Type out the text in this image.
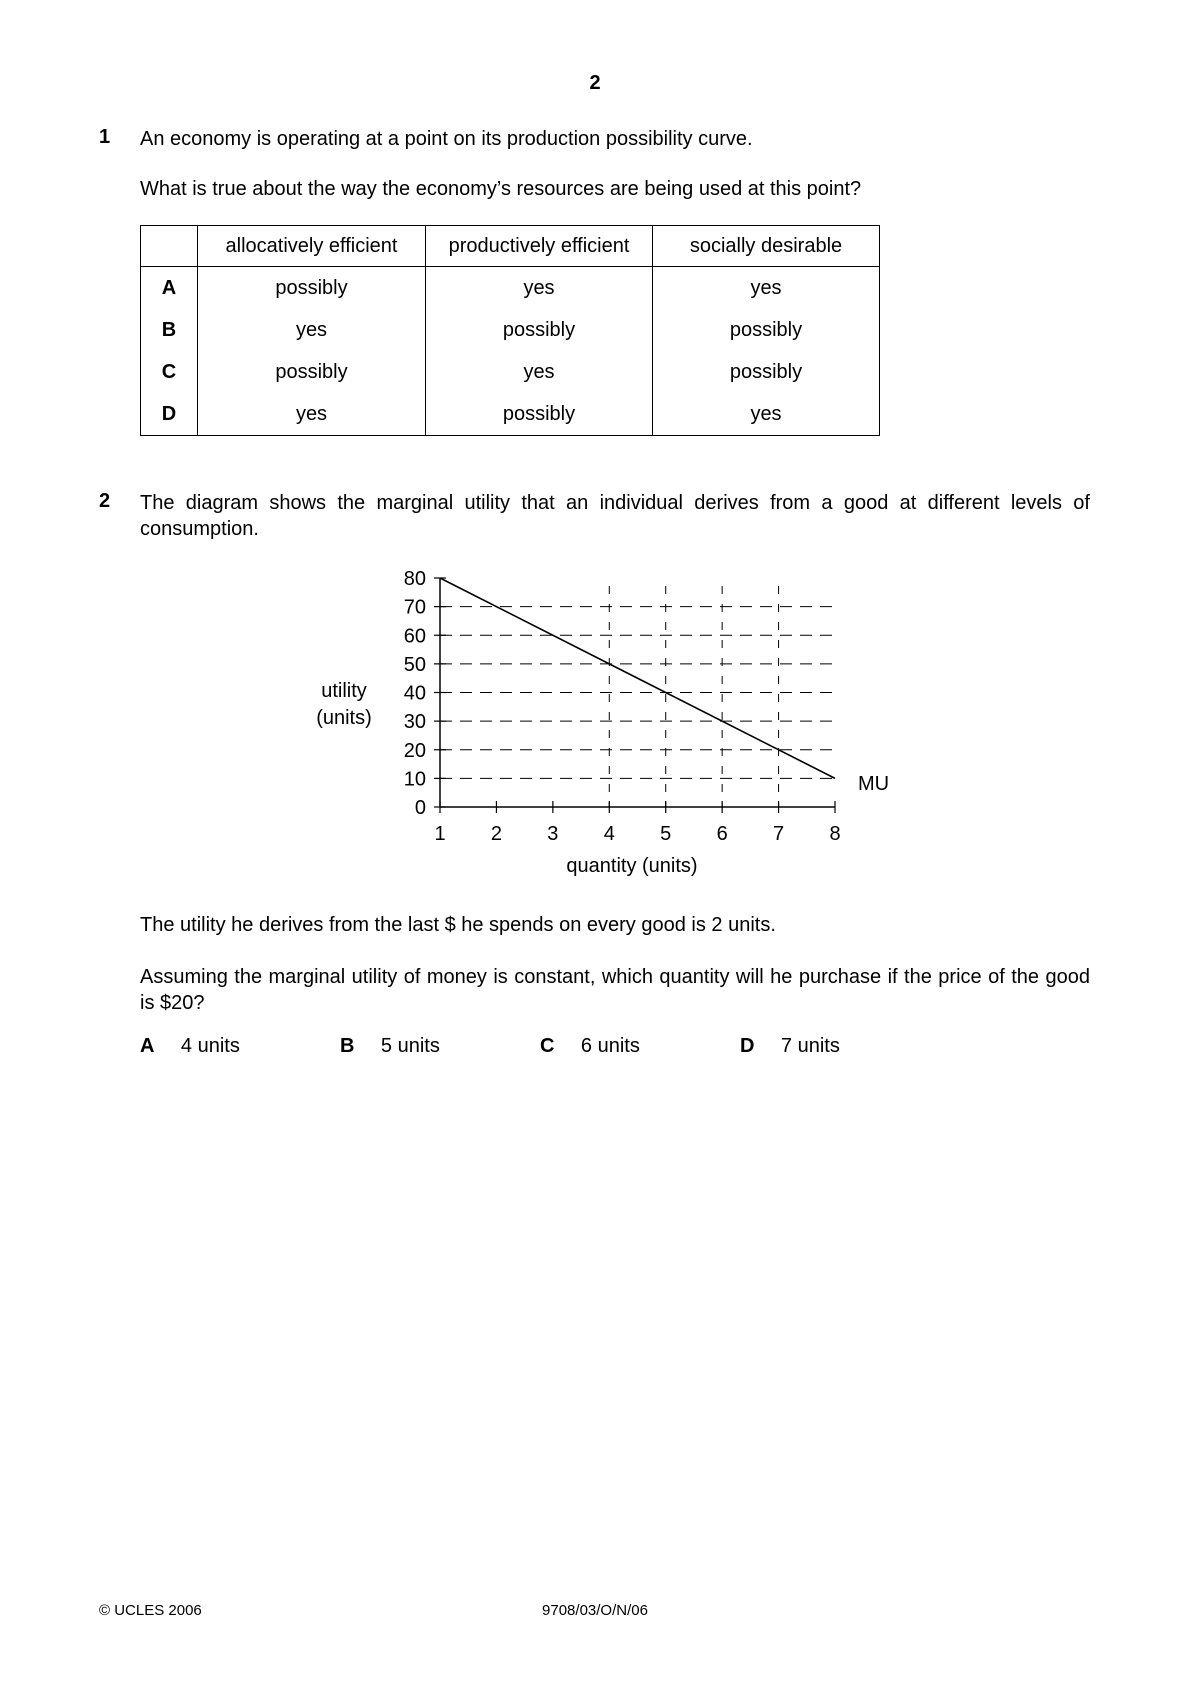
2
1 An economy is operating at a point on its production possibility curve.
What is true about the way the economy’s resources are being used at this point?
	allocatively efficient	productively efficient	socially desirable
A	possibly	yes	yes
B	yes	possibly	possibly
C	possibly	yes	possibly
D	yes	possibly	yes
2 The diagram shows the marginal utility that an individual derives from a good at different levels of consumption.
0
10
20
30
40
50
60
70
80
1 2 3 4 5 6 7 8
utility
(units)
quantity (units)
MU
The utility he derives from the last $ he spends on every good is 2 units.
Assuming the marginal utility of money is constant, which quantity will he purchase if the price of the good is $20?
A 4 units	B 5 units	C 6 units	D 7 units
© UCLES 2006	9708/03/O/N/06
